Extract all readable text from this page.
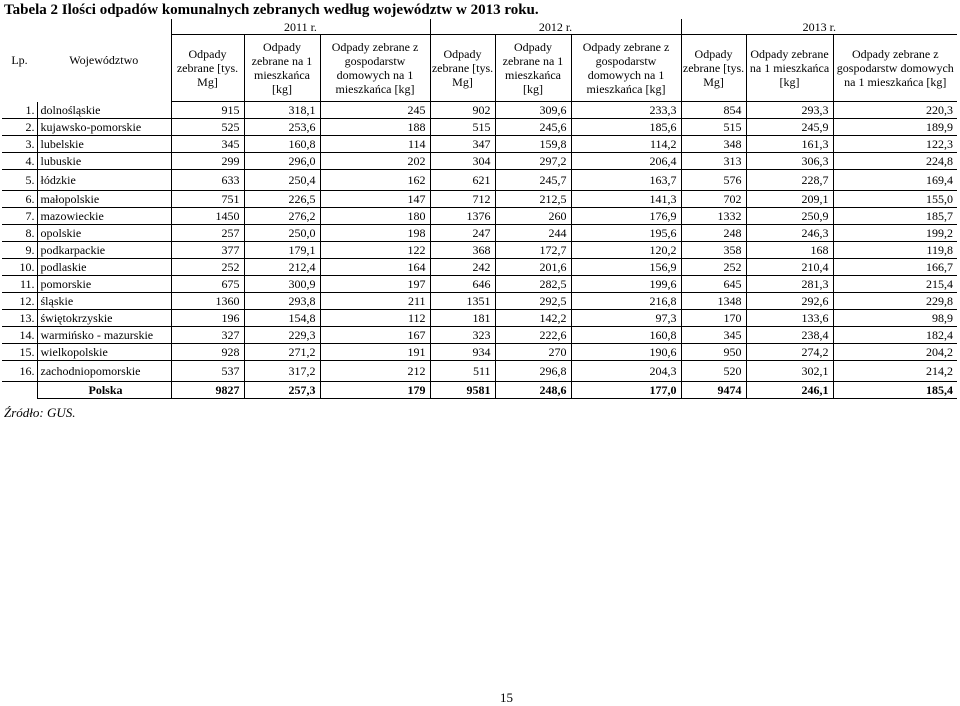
Tabela 2 Ilości odpadów komunalnych zebranych według województw w 2013 roku.
Lp.	Województwo	2011 r.			2012 r.			2013 r.		
		Odpady zebrane [tys. Mg]	Odpady zebrane na 1 mieszkańca [kg]	Odpady zebrane z gospodarstw domowych na 1 mieszkańca [kg]	Odpady zebrane [tys. Mg]	Odpady zebrane na 1 mieszkańca [kg]	Odpady zebrane z gospodarstw domowych na 1 mieszkańca [kg]	Odpady zebrane [tys. Mg]	Odpady zebrane na 1 mieszkańca [kg]	Odpady zebrane z gospodarstw domowych na 1 mieszkańca [kg]
1.	dolnośląskie	915	318,1	245	902	309,6	233,3	854	293,3	220,3
2.	kujawsko-pomorskie	525	253,6	188	515	245,6	185,6	515	245,9	189,9
3.	lubelskie	345	160,8	114	347	159,8	114,2	348	161,3	122,3
4.	lubuskie	299	296,0	202	304	297,2	206,4	313	306,3	224,8
5.	łódzkie	633	250,4	162	621	245,7	163,7	576	228,7	169,4
6.	małopolskie	751	226,5	147	712	212,5	141,3	702	209,1	155,0
7.	mazowieckie	1450	276,2	180	1376	260	176,9	1332	250,9	185,7
8.	opolskie	257	250,0	198	247	244	195,6	248	246,3	199,2
9.	podkarpackie	377	179,1	122	368	172,7	120,2	358	168	119,8
10.	podlaskie	252	212,4	164	242	201,6	156,9	252	210,4	166,7
11.	pomorskie	675	300,9	197	646	282,5	199,6	645	281,3	215,4
12.	śląskie	1360	293,8	211	1351	292,5	216,8	1348	292,6	229,8
13.	świętokrzyskie	196	154,8	112	181	142,2	97,3	170	133,6	98,9
14.	warmińsko - mazurskie	327	229,3	167	323	222,6	160,8	345	238,4	182,4
15.	wielkopolskie	928	271,2	191	934	270	190,6	950	274,2	204,2
16.	zachodniopomorskie	537	317,2	212	511	296,8	204,3	520	302,1	214,2
	Polska	9827	257,3	179	9581	248,6	177,0	9474	246,1	185,4
Źródło: GUS.
15
